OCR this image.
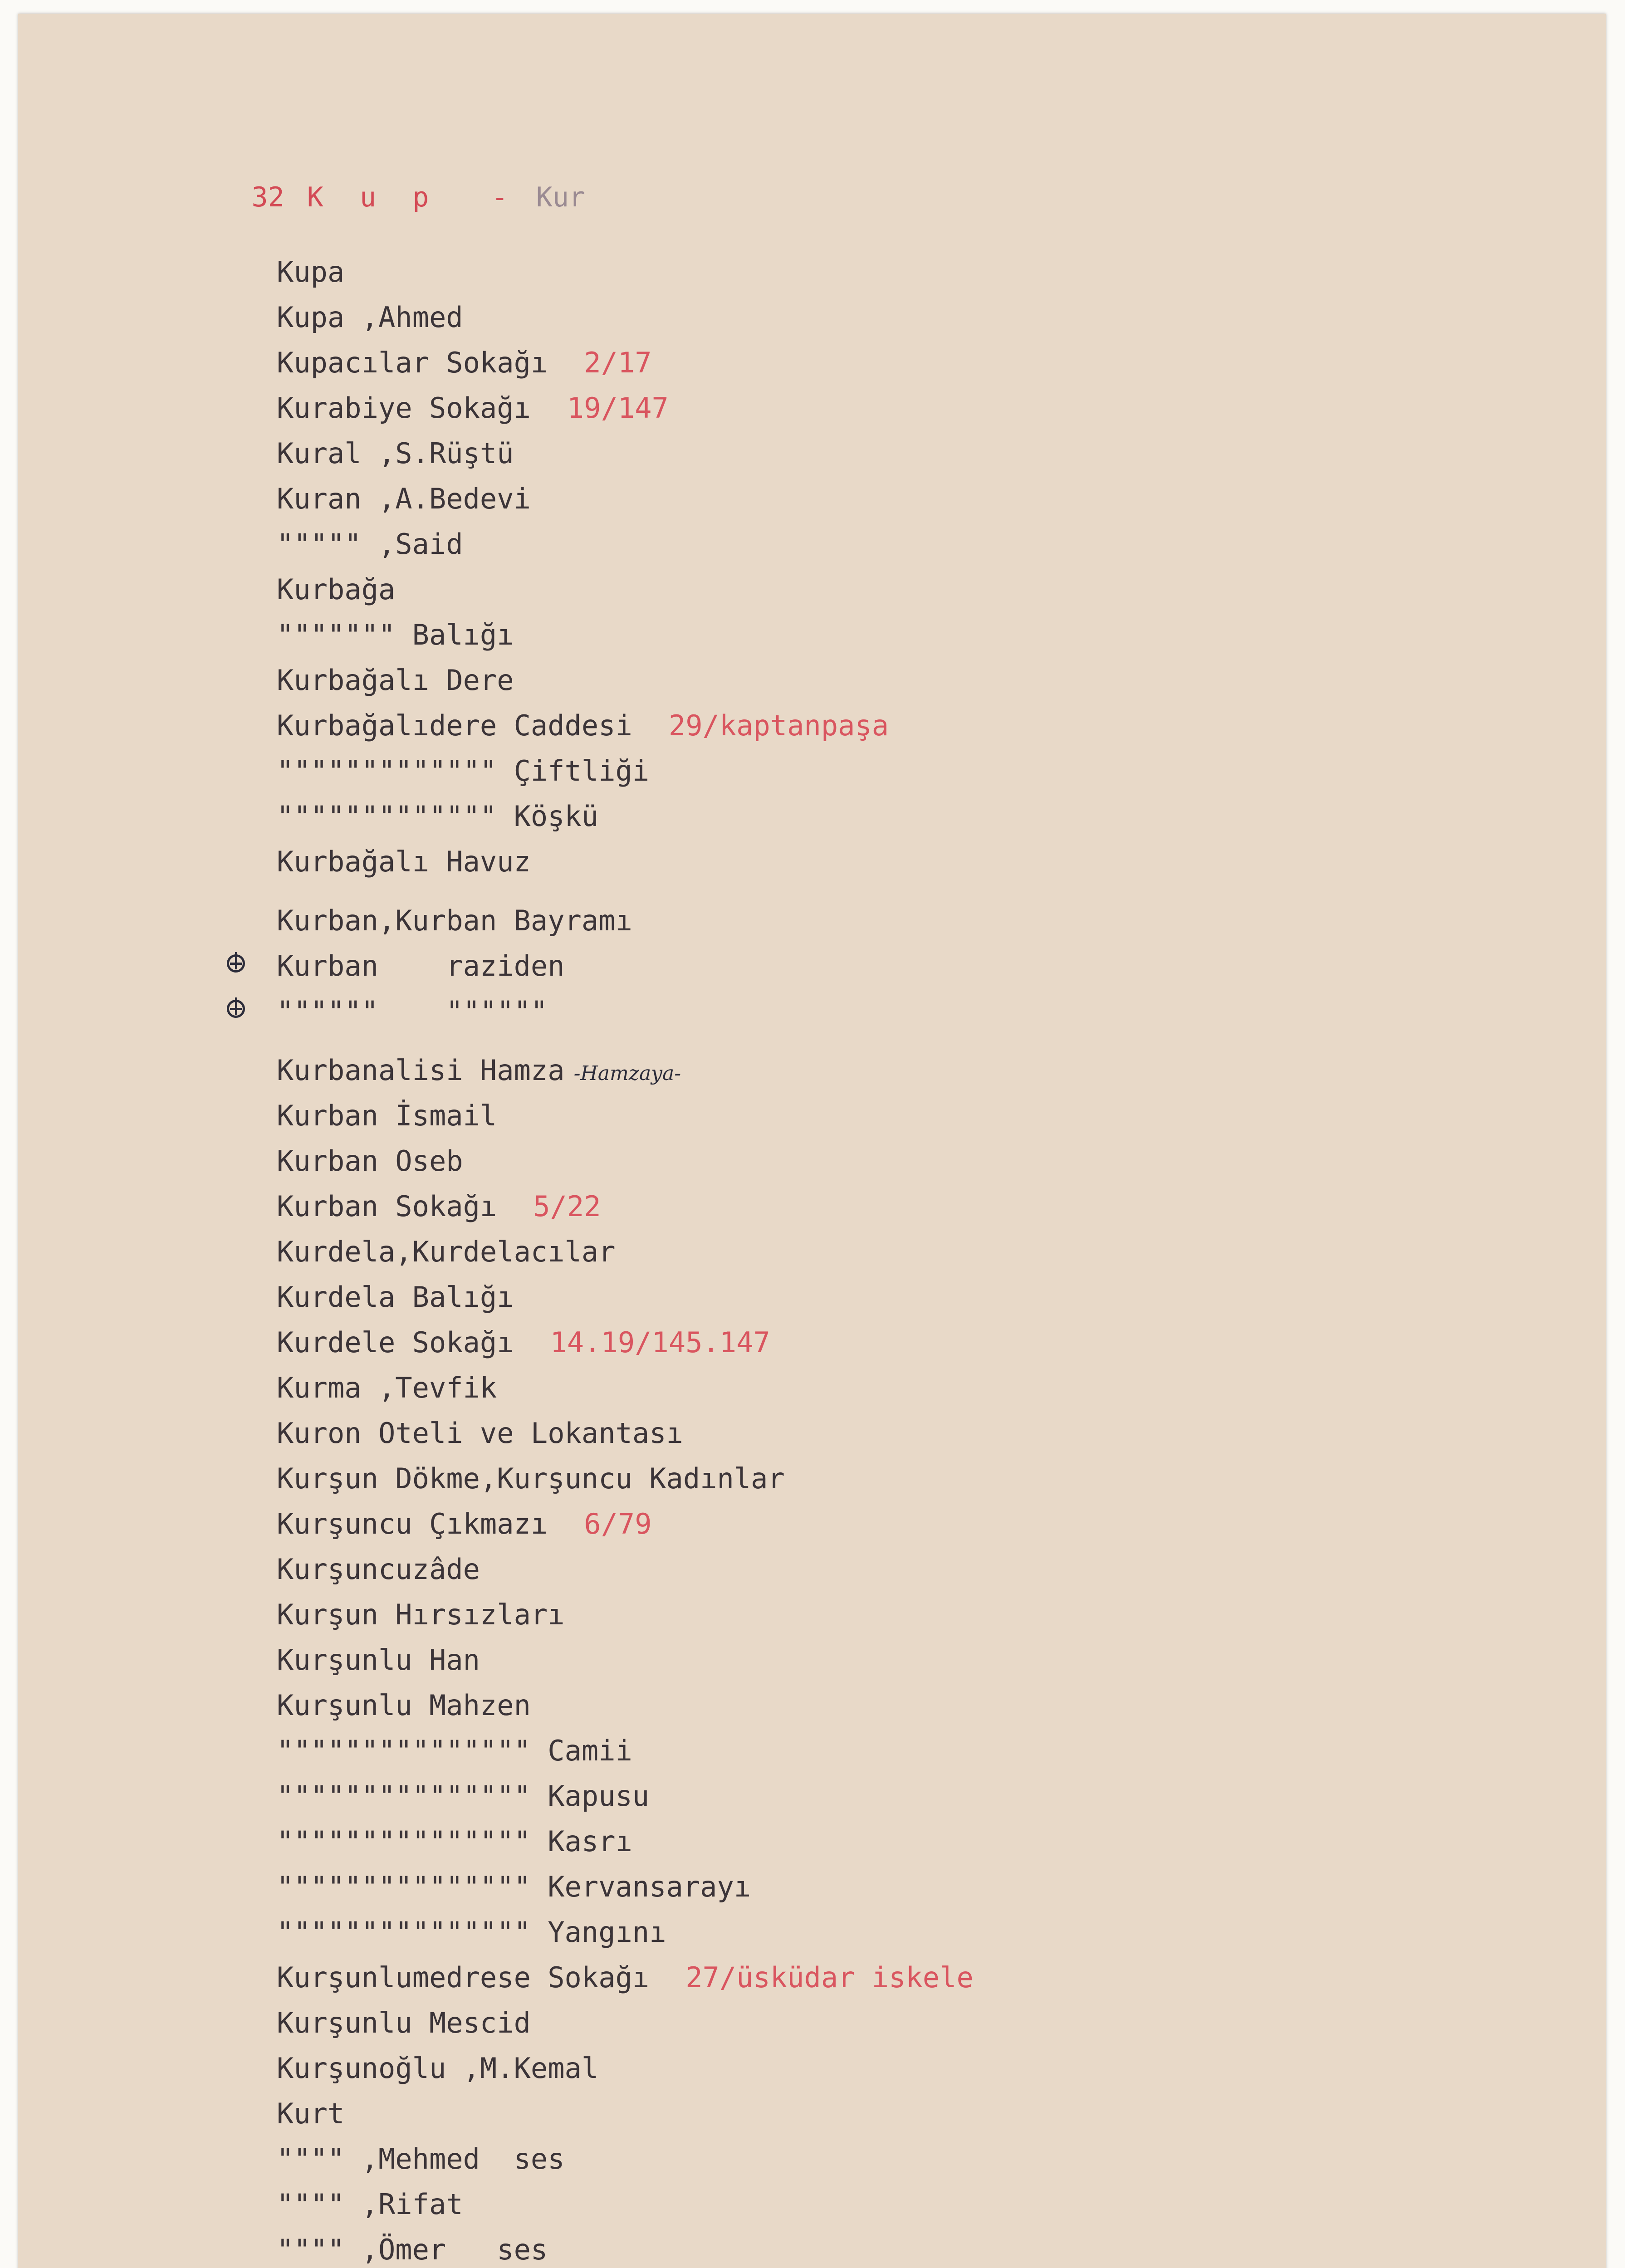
32 K u p  - Kur

Kupa
Kupa ,Ahmed
Kupacılar Sokağı 2/17
Kurabiye Sokağı 19/147
Kural ,S.Rüştü
Kuran ,A.Bedevi
""""" ,Said
Kurbağa
""""""" Balığı
Kurbağalı Dere
Kurbağalıdere Caddesi 29/kaptanpaşa
""""""""""""" Çiftliği
""""""""""""" Köşkü
Kurbağalı Havuz
Kurban,Kurban Bayramı
Kurban    raziden
""""""    """"""
Kurbanalisi Hamza -Hamzaya-
Kurban İsmail
Kurban Oseb
Kurban Sokağı 5/22
Kurdela,Kurdelacılar
Kurdela Balığı
Kurdele Sokağı 14.19/145.147
Kurma ,Tevfik
Kuron Oteli ve Lokantası
Kurşun Dökme,Kurşuncu Kadınlar
Kurşuncu Çıkmazı 6/79
Kurşuncuzâde
Kurşun Hırsızları
Kurşunlu Han
Kurşunlu Mahzen
""""""""""""""" Camii
""""""""""""""" Kapusu
""""""""""""""" Kasrı
""""""""""""""" Kervansarayı
""""""""""""""" Yangını
Kurşunlumedrese Sokağı 27/üsküdar iskele
Kurşunlu Mescid
Kurşunoğlu ,M.Kemal
Kurt
"""" ,Mehmed  ses
"""" ,Rifat
"""" ,Ömer   ses
